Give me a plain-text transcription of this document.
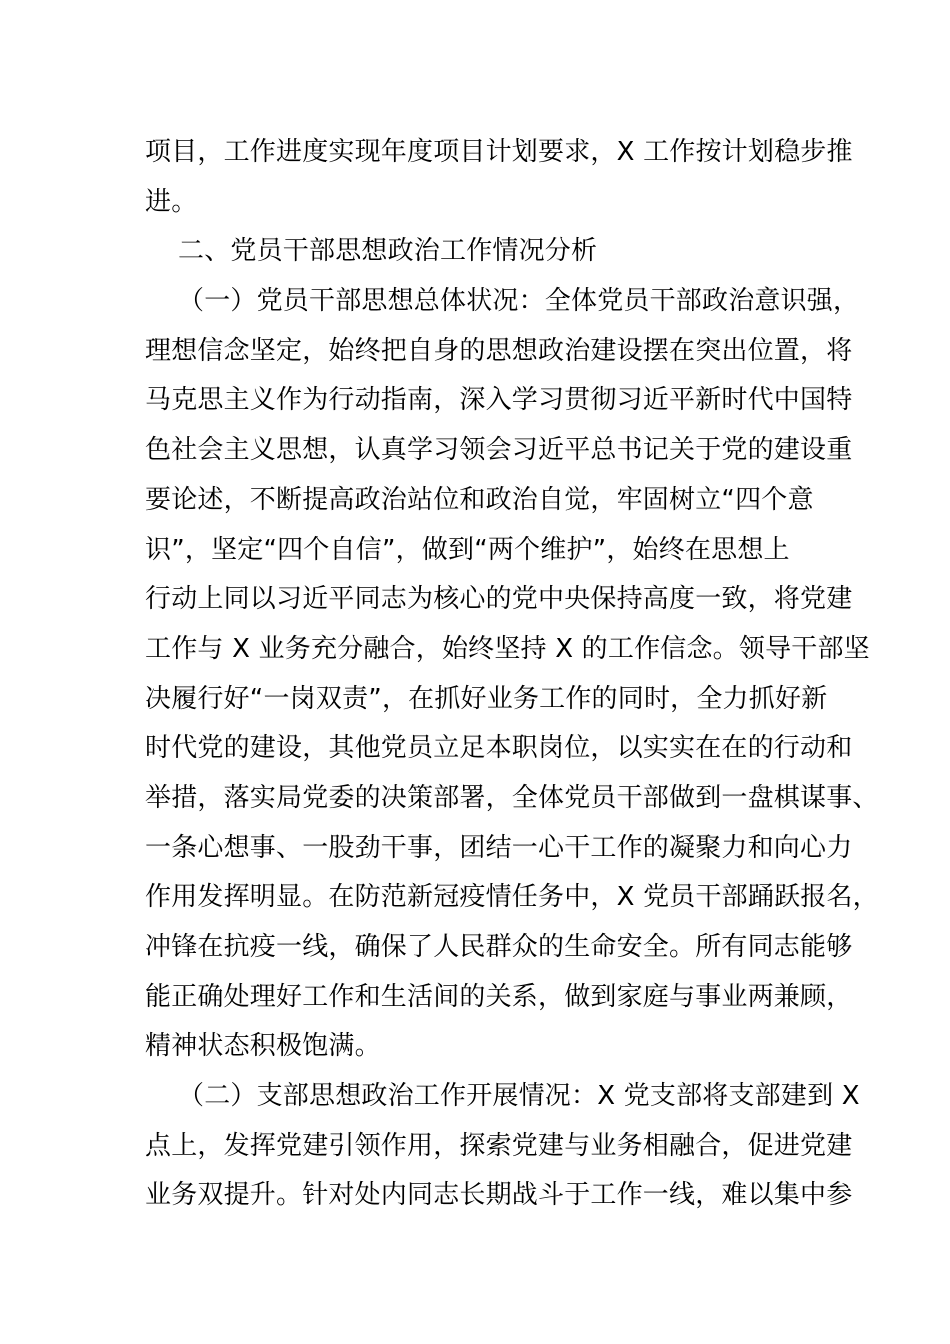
项目，工作进度实现年度项目计划要求，X 工作按计划稳步推
进。
二、党员干部思想政治工作情况分析
（一）党员干部思想总体状况：全体党员干部政治意识强，
理想信念坚定，始终把自身的思想政治建设摆在突出位置，将
马克思主义作为行动指南，深入学习贯彻习近平新时代中国特
色社会主义思想，认真学习领会习近平总书记关于党的建设重
要论述，不断提高政治站位和政治自觉，牢固树立“四个意
识”，坚定“四个自信”，做到“两个维护”，始终在思想上
行动上同以习近平同志为核心的党中央保持高度一致，将党建
工作与 X 业务充分融合，始终坚持 X 的工作信念。领导干部坚
决履行好“一岗双责”，在抓好业务工作的同时，全力抓好新
时代党的建设，其他党员立足本职岗位，以实实在在的行动和
举措，落实局党委的决策部署，全体党员干部做到一盘棋谋事、
一条心想事、一股劲干事，团结一心干工作的凝聚力和向心力
作用发挥明显。在防范新冠疫情任务中，X 党员干部踊跃报名，
冲锋在抗疫一线，确保了人民群众的生命安全。所有同志能够
能正确处理好工作和生活间的关系，做到家庭与事业两兼顾，
精神状态积极饱满。
（二）支部思想政治工作开展情况：X 党支部将支部建到 X
点上，发挥党建引领作用，探索党建与业务相融合，促进党建
业务双提升。针对处内同志长期战斗于工作一线，难以集中参
